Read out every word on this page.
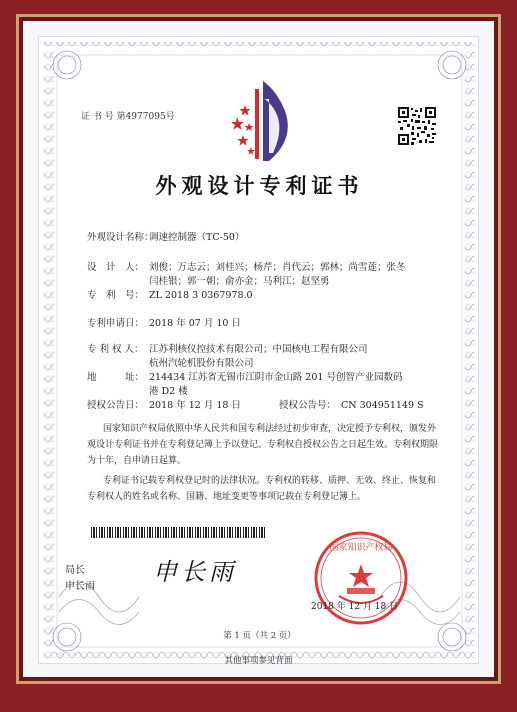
证 书 号 第4977095号
外观设计专利证书
外观设计名称：
调速控制器（TC-50）
设　计　人： 刘俊；万志云；刘桂兴；杨芹；肖代云；郭林；尚雪莲；张冬
闫桂银；郭一朝；俞亦金；马利江；赵坚勇
专　利　号： ZL 2018 3 0367978.0
专利申请日： 2018 年 07 月 10 日
专 利 权 人： 江苏利核仪控技术有限公司；中国核电工程有限公司
杭州汽轮机股份有限公司
地　　　址： 214434 江苏省无锡市江阴市金山路 201 号创智产业园数码
港 D2 楼
授权公告日： 2018 年 12 月 18 日	授权公告号： CN 304951149 S
国家知识产权局依照中华人民共和国专利法经过初步审查，决定授予专利权，颁发外观设计专利证书并在专利登记簿上予以登记。专利权自授权公告之日起生效。专利权期限为十年，自申请日起算。
专利证书记载专利权登记时的法律状况。专利权的转移、质押、无效、终止、恢复和专利权人的姓名或名称、国籍、地址变更等事项记载在专利登记簿上。
局长
申长雨
申长雨
国家知识产权局
2018 年 12 月 18 日
第 1 页（共 2 页）
其他事项参见背面
